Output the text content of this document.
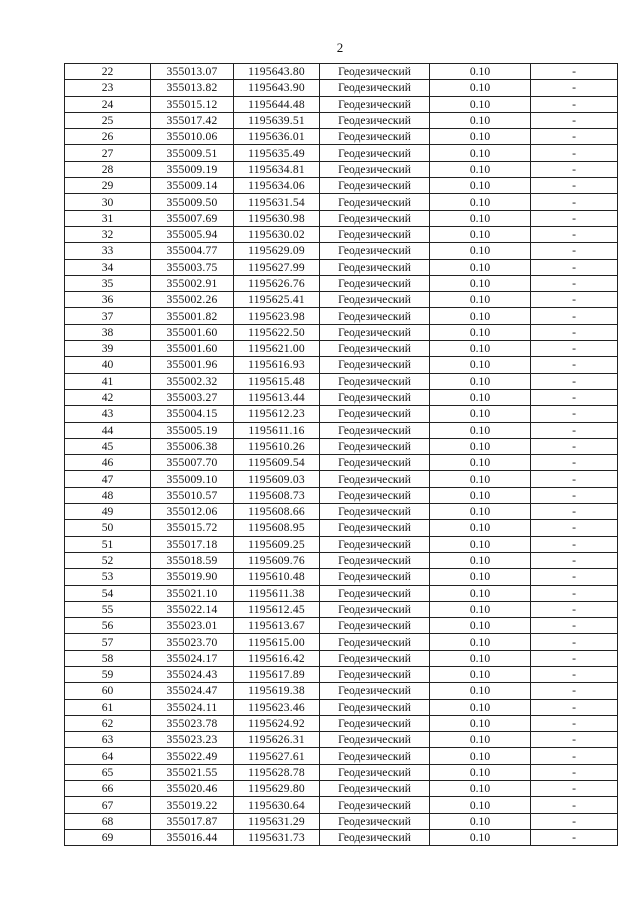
2
22	355013.07	1195643.80	Геодезический	0.10	-
23	355013.82	1195643.90	Геодезический	0.10	-
24	355015.12	1195644.48	Геодезический	0.10	-
25	355017.42	1195639.51	Геодезический	0.10	-
26	355010.06	1195636.01	Геодезический	0.10	-
27	355009.51	1195635.49	Геодезический	0.10	-
28	355009.19	1195634.81	Геодезический	0.10	-
29	355009.14	1195634.06	Геодезический	0.10	-
30	355009.50	1195631.54	Геодезический	0.10	-
31	355007.69	1195630.98	Геодезический	0.10	-
32	355005.94	1195630.02	Геодезический	0.10	-
33	355004.77	1195629.09	Геодезический	0.10	-
34	355003.75	1195627.99	Геодезический	0.10	-
35	355002.91	1195626.76	Геодезический	0.10	-
36	355002.26	1195625.41	Геодезический	0.10	-
37	355001.82	1195623.98	Геодезический	0.10	-
38	355001.60	1195622.50	Геодезический	0.10	-
39	355001.60	1195621.00	Геодезический	0.10	-
40	355001.96	1195616.93	Геодезический	0.10	-
41	355002.32	1195615.48	Геодезический	0.10	-
42	355003.27	1195613.44	Геодезический	0.10	-
43	355004.15	1195612.23	Геодезический	0.10	-
44	355005.19	1195611.16	Геодезический	0.10	-
45	355006.38	1195610.26	Геодезический	0.10	-
46	355007.70	1195609.54	Геодезический	0.10	-
47	355009.10	1195609.03	Геодезический	0.10	-
48	355010.57	1195608.73	Геодезический	0.10	-
49	355012.06	1195608.66	Геодезический	0.10	-
50	355015.72	1195608.95	Геодезический	0.10	-
51	355017.18	1195609.25	Геодезический	0.10	-
52	355018.59	1195609.76	Геодезический	0.10	-
53	355019.90	1195610.48	Геодезический	0.10	-
54	355021.10	1195611.38	Геодезический	0.10	-
55	355022.14	1195612.45	Геодезический	0.10	-
56	355023.01	1195613.67	Геодезический	0.10	-
57	355023.70	1195615.00	Геодезический	0.10	-
58	355024.17	1195616.42	Геодезический	0.10	-
59	355024.43	1195617.89	Геодезический	0.10	-
60	355024.47	1195619.38	Геодезический	0.10	-
61	355024.11	1195623.46	Геодезический	0.10	-
62	355023.78	1195624.92	Геодезический	0.10	-
63	355023.23	1195626.31	Геодезический	0.10	-
64	355022.49	1195627.61	Геодезический	0.10	-
65	355021.55	1195628.78	Геодезический	0.10	-
66	355020.46	1195629.80	Геодезический	0.10	-
67	355019.22	1195630.64	Геодезический	0.10	-
68	355017.87	1195631.29	Геодезический	0.10	-
69	355016.44	1195631.73	Геодезический	0.10	-
